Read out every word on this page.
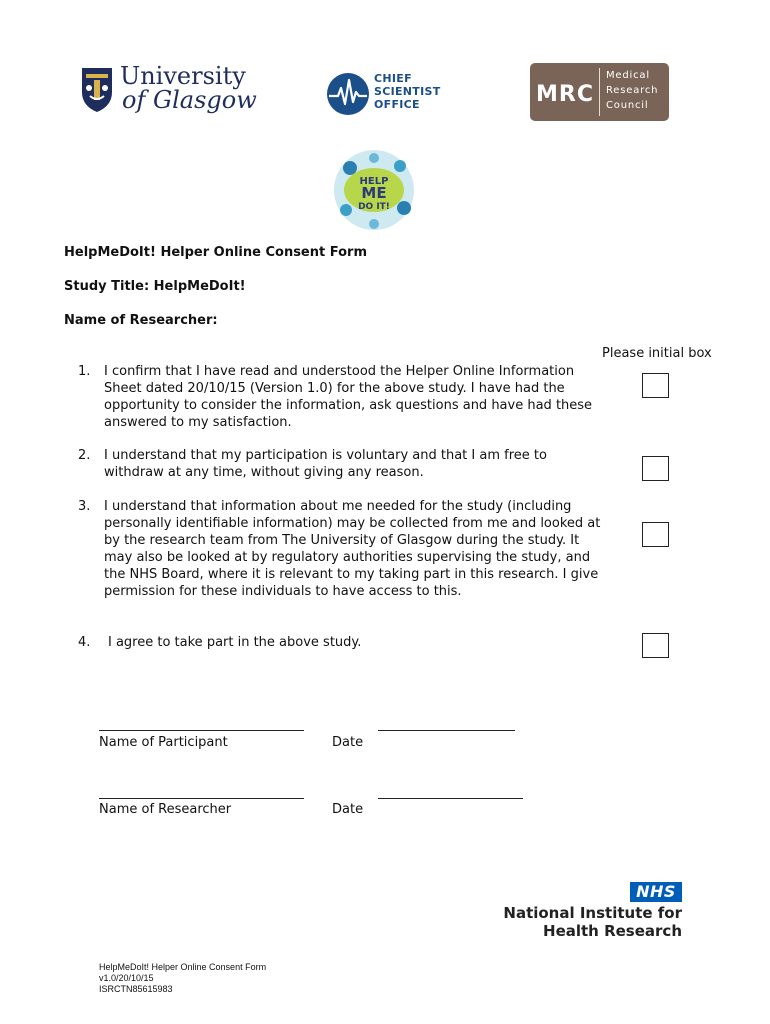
University
of Glasgow
CHIEF
SCIENTIST
OFFICE	MRC
Medical
Research
Council
HELP
ME
DO IT!
HelpMeDoIt! Helper Online Consent Form
Study Title: HelpMeDoIt!
Name of Researcher:
Please initial box
1. I confirm that I have read and understood the Helper Online Information
Sheet dated 20/10/15 (Version 1.0) for the above study. I have had the
opportunity to consider the information, ask questions and have had these
answered to my satisfaction.
2. I understand that my participation is voluntary and that I am free to
withdraw at any time, without giving any reason.
3. I understand that information about me needed for the study (including
personally identifiable information) may be collected from me and looked at
by the research team from The University of Glasgow during the study. It
may also be looked at by regulatory authorities supervising the study, and
the NHS Board, where it is relevant to my taking part in this research. I give
permission for these individuals to have access to this.
4. I agree to take part in the above study.
Name of Participant	Date
Name of Researcher	Date
NHS
National Institute for
Health Research
HelpMeDoIt! Helper Online Consent Form
v1.0/20/10/15
ISRCTN85615983
